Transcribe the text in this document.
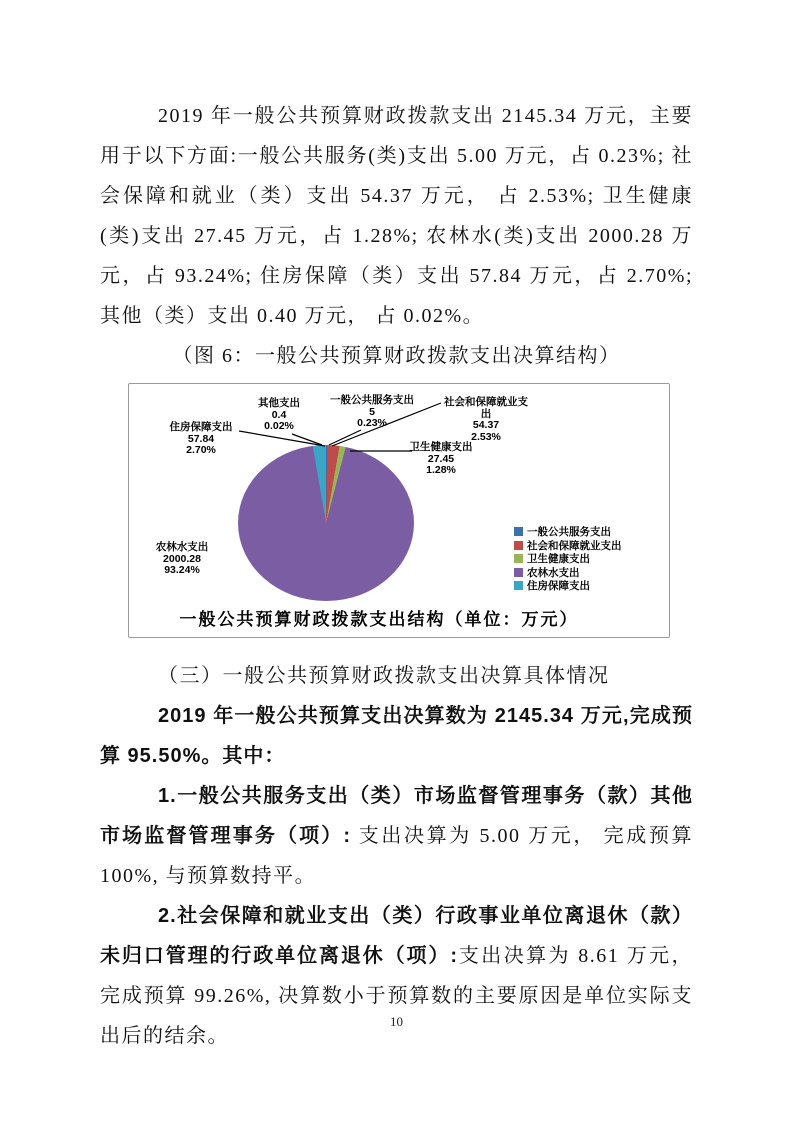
2019 年一般公共预算财政拨款支出 2145.34 万元，主要用于以下方面:一般公共服务(类)支出 5.00 万元，占 0.23%; 社会保障和就业（类）支出 54.37 万元， 占 2.53%; 卫生健康(类)支出 27.45 万元，占 1.28%; 农林水(类)支出 2000.28 万元，占 93.24%; 住房保障（类）支出 57.84 万元，占 2.70%; 其他（类）支出 0.40 万元， 占 0.02%。

（图 6：一般公共预算财政拨款支出决算结构）

其他支出
0.4
0.02%
一般公共服务支出
5
0.23%
社会和保障就业支
出
54.37
2.53%
住房保障支出
57.84
2.70%	卫生健康支出
27.45
1.28%
农林水支出
2000.28
93.24%
一般公共服务支出
社会和保障就业支出
卫生健康支出
农林水支出
住房保障支出
一般公共预算财政拨款支出结构（单位：万元）

（三）一般公共预算财政拨款支出决算具体情况

2019 年一般公共预算支出决算数为 2145.34 万元,完成预算 95.50%。其中：

1.一般公共服务支出（类）市场监督管理事务（款）其他市场监督管理事务（项）: 支出决算为 5.00 万元， 完成预算 100%, 与预算数持平。

2.社会保障和就业支出（类）行政事业单位离退休（款）未归口管理的行政单位离退休（项）:支出决算为 8.61 万元， 完成预算 99.26%, 决算数小于预算数的主要原因是单位实际支出后的结余。

10
